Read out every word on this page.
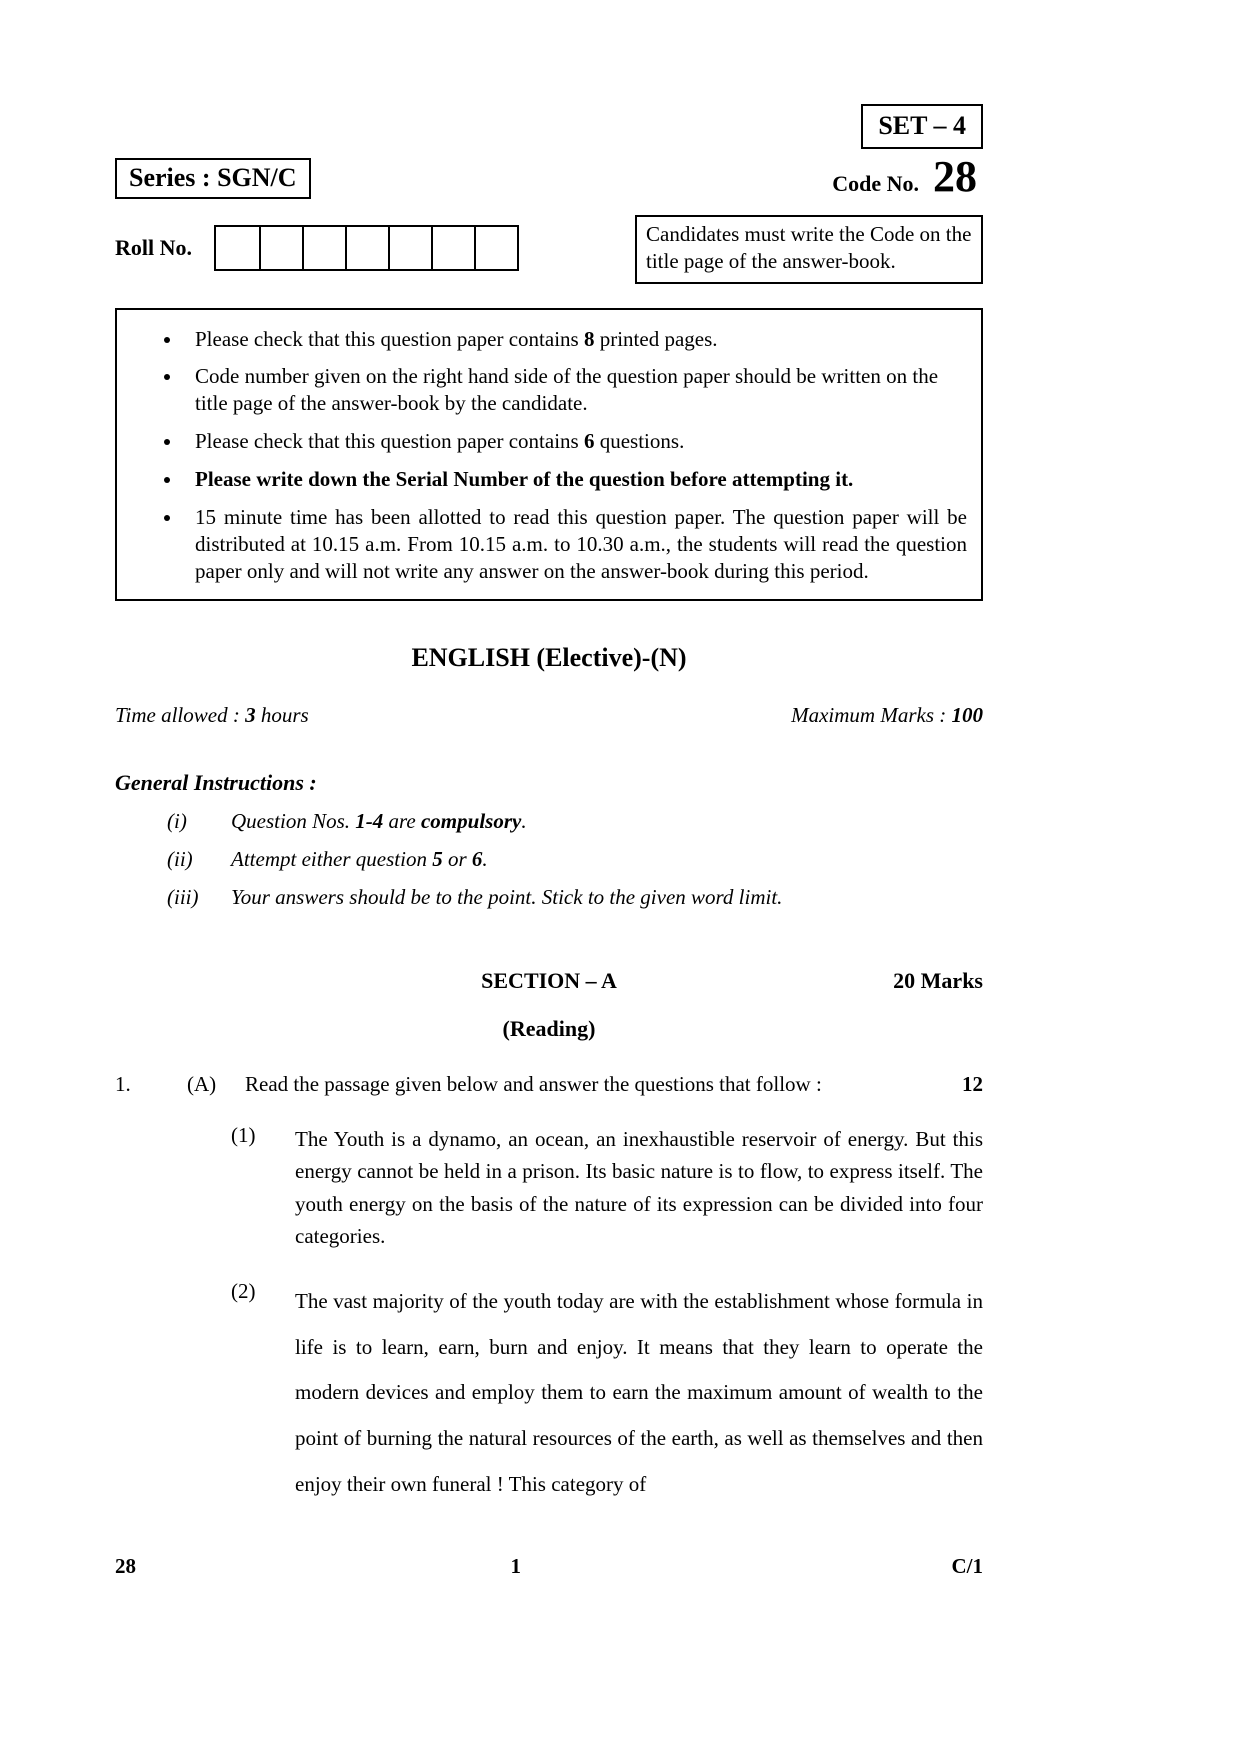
SET – 4
Series : SGN/C	Code No. 28
Roll No.
Candidates must write the Code on the title page of the answer-book.
• Please check that this question paper contains 8 printed pages.
• Code number given on the right hand side of the question paper should be written on the title page of the answer-book by the candidate.
• Please check that this question paper contains 6 questions.
• Please write down the Serial Number of the question before attempting it.
• 15 minute time has been allotted to read this question paper. The question paper will be distributed at 10.15 a.m. From 10.15 a.m. to 10.30 a.m., the students will read the question paper only and will not write any answer on the answer-book during this period.
ENGLISH (Elective)-(N)
Time allowed : 3 hours	Maximum Marks : 100
General Instructions :
(i)	Question Nos. 1-4 are compulsory.
(ii)	Attempt either question 5 or 6.
(iii)	Your answers should be to the point. Stick to the given word limit.
SECTION – A	20 Marks
(Reading)
1.	(A)	Read the passage given below and answer the questions that follow :	12
(1)	The Youth is a dynamo, an ocean, an inexhaustible reservoir of energy. But this energy cannot be held in a prison. Its basic nature is to flow, to express itself. The youth energy on the basis of the nature of its expression can be divided into four categories.
(2)	The vast majority of the youth today are with the establishment whose formula in life is to learn, earn, burn and enjoy. It means that they learn to operate the modern devices and employ them to earn the maximum amount of wealth to the point of burning the natural resources of the earth, as well as themselves and then enjoy their own funeral ! This category of
28	1	C/1
